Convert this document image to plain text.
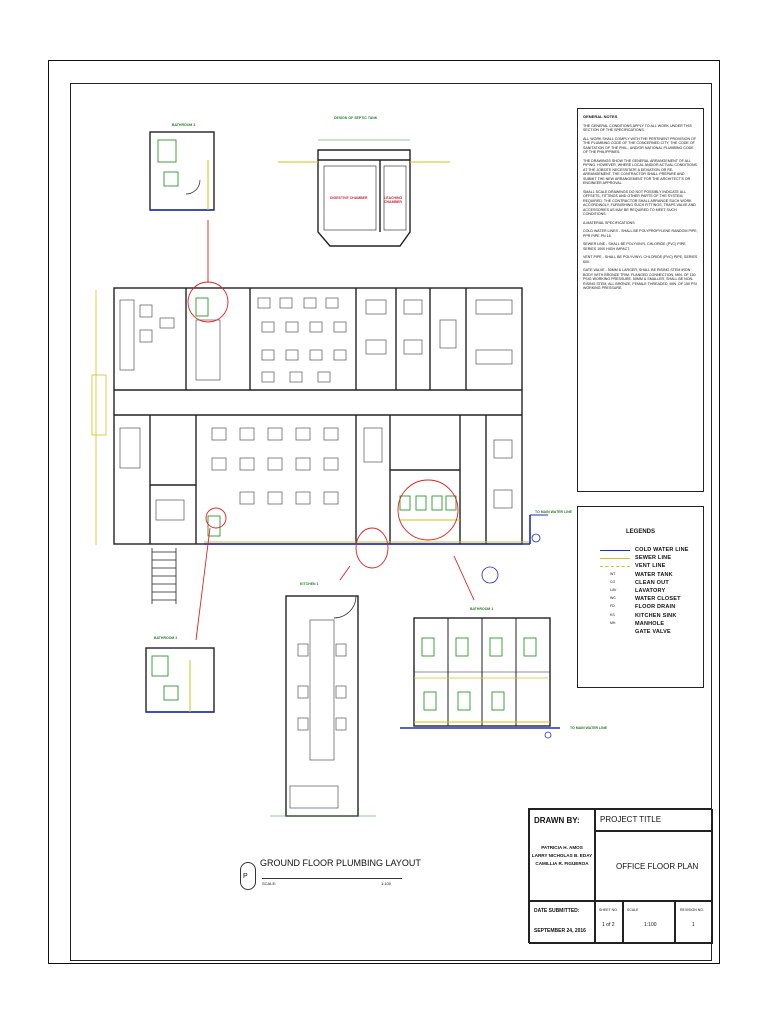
BATHROOM 3
DESIGN OF SEPTIC TANK
DIGESTIVE CHAMBER	LEACHING CHAMBER
BATHROOM 2
KITCHEN 1
BATHROOM 1
TO MAIN WATER LINE
TO MAIN WATER LINE
GENERAL NOTES

THE GENERAL CONDITIONS APPLY TO ALL WORK UNDER THIS SECTION OF THE SPECIFICATIONS.

ALL WORK SHALL COMPLY WITH THE PERTINENT PROVISION OF THE PLUMBING CODE OF THE CONCERNED CITY, THE CODE OF SANITATION OF THE PHIL., AND/OR NATIONAL PLUMBING CODE OF THE PHILIPPINES.

THE DRAWINGS SHOW THE GENERAL ARRANGEMENT OF ALL PIPING. HOWEVER, WHERE LOCAL AND/OR ACTUAL CONDITIONS AT THE JOBSITE NECESSITATE A DEVIATION OR RE-ARRANGEMENT, THE CONTRACTOR SHALL PREPARE AND SUBMIT THE NEW ARRANGEMENT FOR THE ARCHITECT'S OR ENGINEER APPROVAL.

SMALL SCALE DRAWINGS DO NOT POSSIBLY INDICATE ALL OFFSETS, FITTINGS AND OTHER PARTS OF THE SYSTEM. REQUIRED. THE CONTRACTOR SHALL ARRANGE SUCH WORK ACCORDINGLY, FURNISHING SUCH FITTINGS, TRAPS VALVE AND ACCESSORIES AS MAY BE REQUIRED TO MEET SUCH CONDITIONS.

A.MATERIAL SPECIFICATIONS

COLD WATER LINES - SHALL BE POLYPROPYLENE RANDOM PIPE, PPR PIPE PN 16.

SEWER LINE - SHALL BE POLYVINYL CHLORIDE (PVC) PIPE, SERIES 1000 HIGH IMPACT.

VENT PIPE - SHALL BE POLYVINYL CHLORIDE (PVC) PIPE, SERIES 600.

GATE VALVE - 50MM & LARGER, SHALL BE RISING STEM IRON BODY WITH BRONZE TRIM, FLANGED CONNECTION, MIN. OF 150 PSIG WORKING PRESSURE. 50MM & SMALLER, SHALL BE NON-RISING STEM, ALL BRONZE, FEMALE THREADED, MIN. OF 150 PSI WORKING PRESSURE.

LEGENDS
COLD WATER LINE
SEWER LINE
VENT LINE
WT	WATER TANK
CO	CLEAN OUT
LAV	LAVATORY
WC	WATER CLOSET
FD	FLOOR DRAIN
KS	KITCHEN SINK
MH	MANHOLE
GATE VALVE
P
GROUND FLOOR PLUMBING LAYOUT
SCALE:	1:100
DRAWN BY:
PATRICIA H. AMOS
LARRY NICHOLAS B. EDAY
CAMILLIA R. FIGUEROA
PROJECT TITLE
OFFICE FLOOR PLAN
DATE SUBMITTED:
SEPTEMBER 24, 2016
SHEET NO.
1 of 2
SCALE
1:100
REVISION NO.
1
